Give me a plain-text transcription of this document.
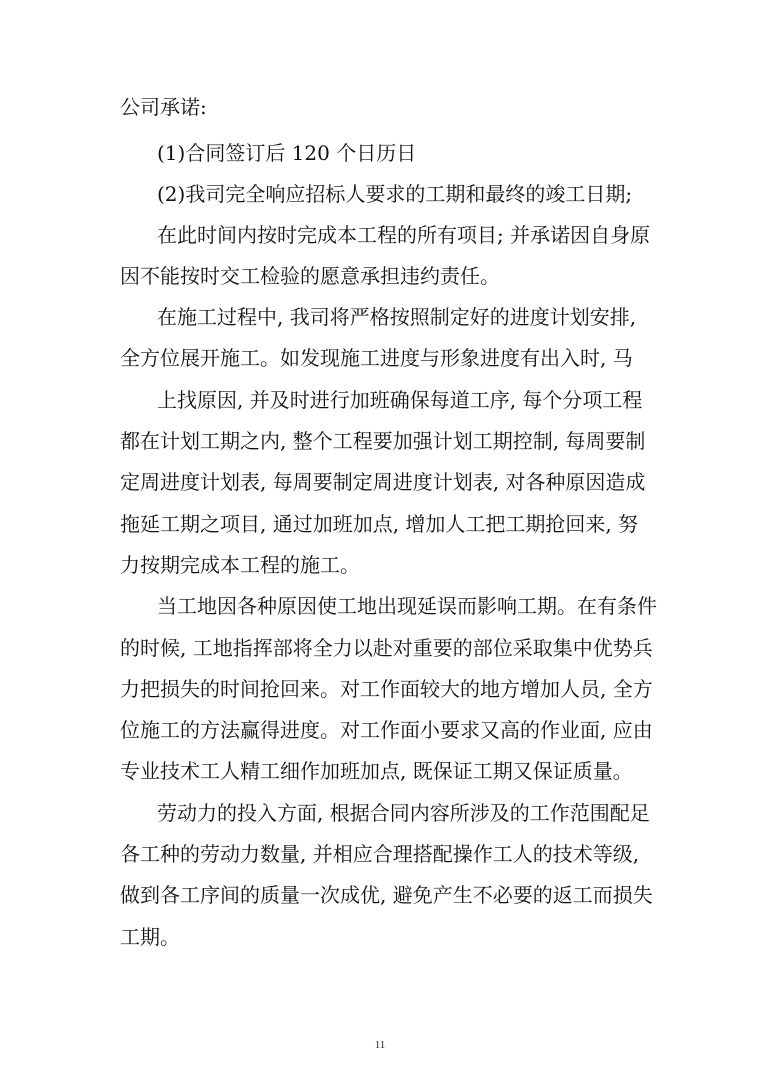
公司承诺:
(1)合同签订后 120 个日历日
(2)我司完全响应招标人要求的工期和最终的竣工日期;
在此时间内按时完成本工程的所有项目; 并承诺因自身原
因不能按时交工检验的愿意承担违约责任。
在施工过程中, 我司将严格按照制定好的进度计划安排,
全方位展开施工。如发现施工进度与形象进度有出入时, 马
上找原因, 并及时进行加班确保每道工序, 每个分项工程
都在计划工期之内, 整个工程要加强计划工期控制, 每周要制
定周进度计划表, 每周要制定周进度计划表, 对各种原因造成
拖延工期之项目, 通过加班加点, 增加人工把工期抢回来, 努
力按期完成本工程的施工。
当工地因各种原因使工地出现延误而影响工期。在有条件
的时候, 工地指挥部将全力以赴对重要的部位采取集中优势兵
力把损失的时间抢回来。对工作面较大的地方增加人员, 全方
位施工的方法赢得进度。对工作面小要求又高的作业面, 应由
专业技术工人精工细作加班加点, 既保证工期又保证质量。
劳动力的投入方面, 根据合同内容所涉及的工作范围配足
各工种的劳动力数量, 并相应合理搭配操作工人的技术等级,
做到各工序间的质量一次成优, 避免产生不必要的返工而损失
工期。
11
